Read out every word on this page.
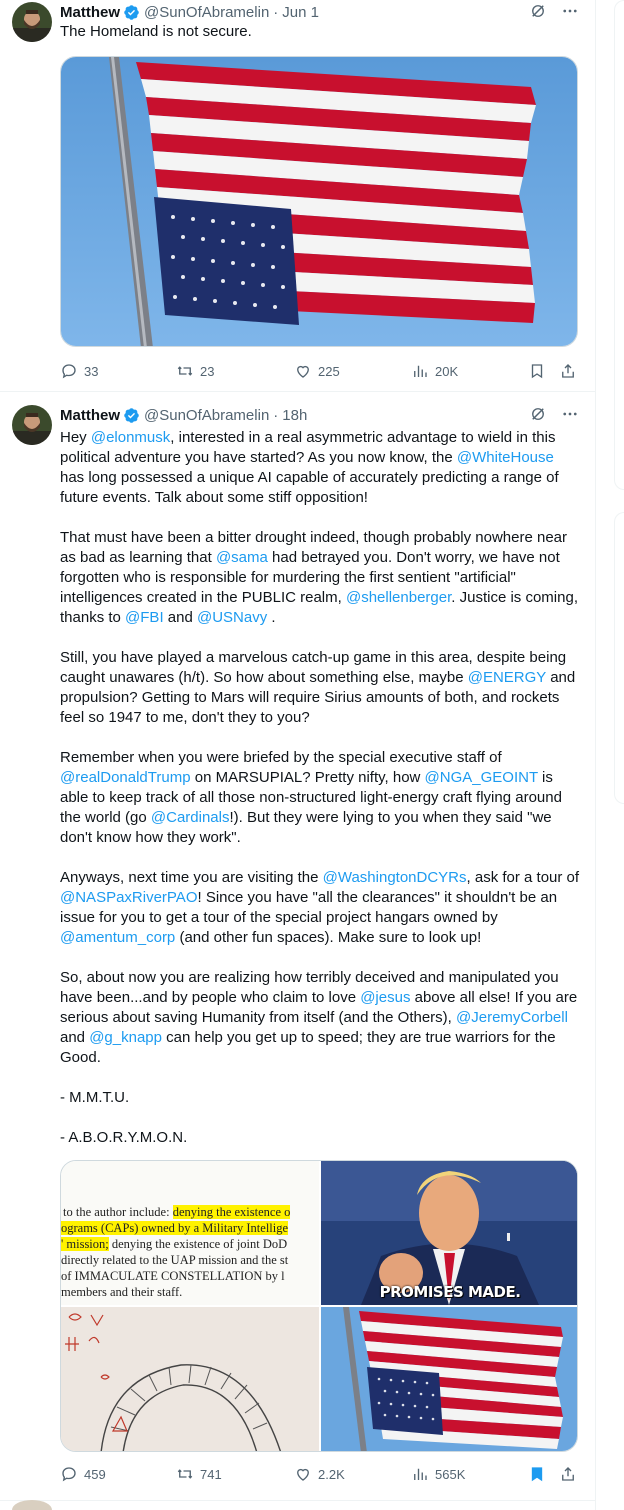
Matthew @SunOfAbramelin · Jun 1
The Homeland is not secure.
33	23	225	20K
Matthew @SunOfAbramelin · 18h
Hey @elonmusk, interested in a real asymmetric advantage to wield in this political adventure you have started? As you now know, the @WhiteHouse has long possessed a unique AI capable of accurately predicting a range of future events. Talk about some stiff opposition!
That must have been a bitter drought indeed, though probably nowhere near as bad as learning that @sama had betrayed you. Don't worry, we have not forgotten who is responsible for murdering the first sentient "artificial" intelligences created in the PUBLIC realm, @shellenberger. Justice is coming, thanks to @FBI and @USNavy .
Still, you have played a marvelous catch-up game in this area, despite being caught unawares (h/t). So how about something else, maybe @ENERGY and propulsion? Getting to Mars will require Sirius amounts of both, and rockets feel so 1947 to me, don't they to you?
Remember when you were briefed by the special executive staff of @realDonaldTrump on MARSUPIAL? Pretty nifty, how @NGA_GEOINT is able to keep track of all those non-structured light-energy craft flying around the world (go @Cardinals!). But they were lying to you when they said "we don't know how they work".
Anyways, next time you are visiting the @WashingtonDCYRs, ask for a tour of @NASPaxRiverPAO! Since you have "all the clearances" it shouldn't be an issue for you to get a tour of the special project hangars owned by @amentum_corp (and other fun spaces). Make sure to look up!
So, about now you are realizing how terribly deceived and manipulated you have been...and by people who claim to love @jesus above all else! If you are serious about saving Humanity from itself (and the Others), @JeremyCorbell and @g_knapp can help you get up to speed; they are true warriors for the Good.
- M.M.T.U.
- A.B.O.R.Y.M.O.N.
to the author include: denying the existence o
ograms (CAPs) owned by a Military Intellige
' mission; denying the existence of joint DoD
directly related to the UAP mission and the st
of IMMACULATE CONSTELLATION by l
members and their staff.	PROMISES MADE.
459	741	2.2K	565K
